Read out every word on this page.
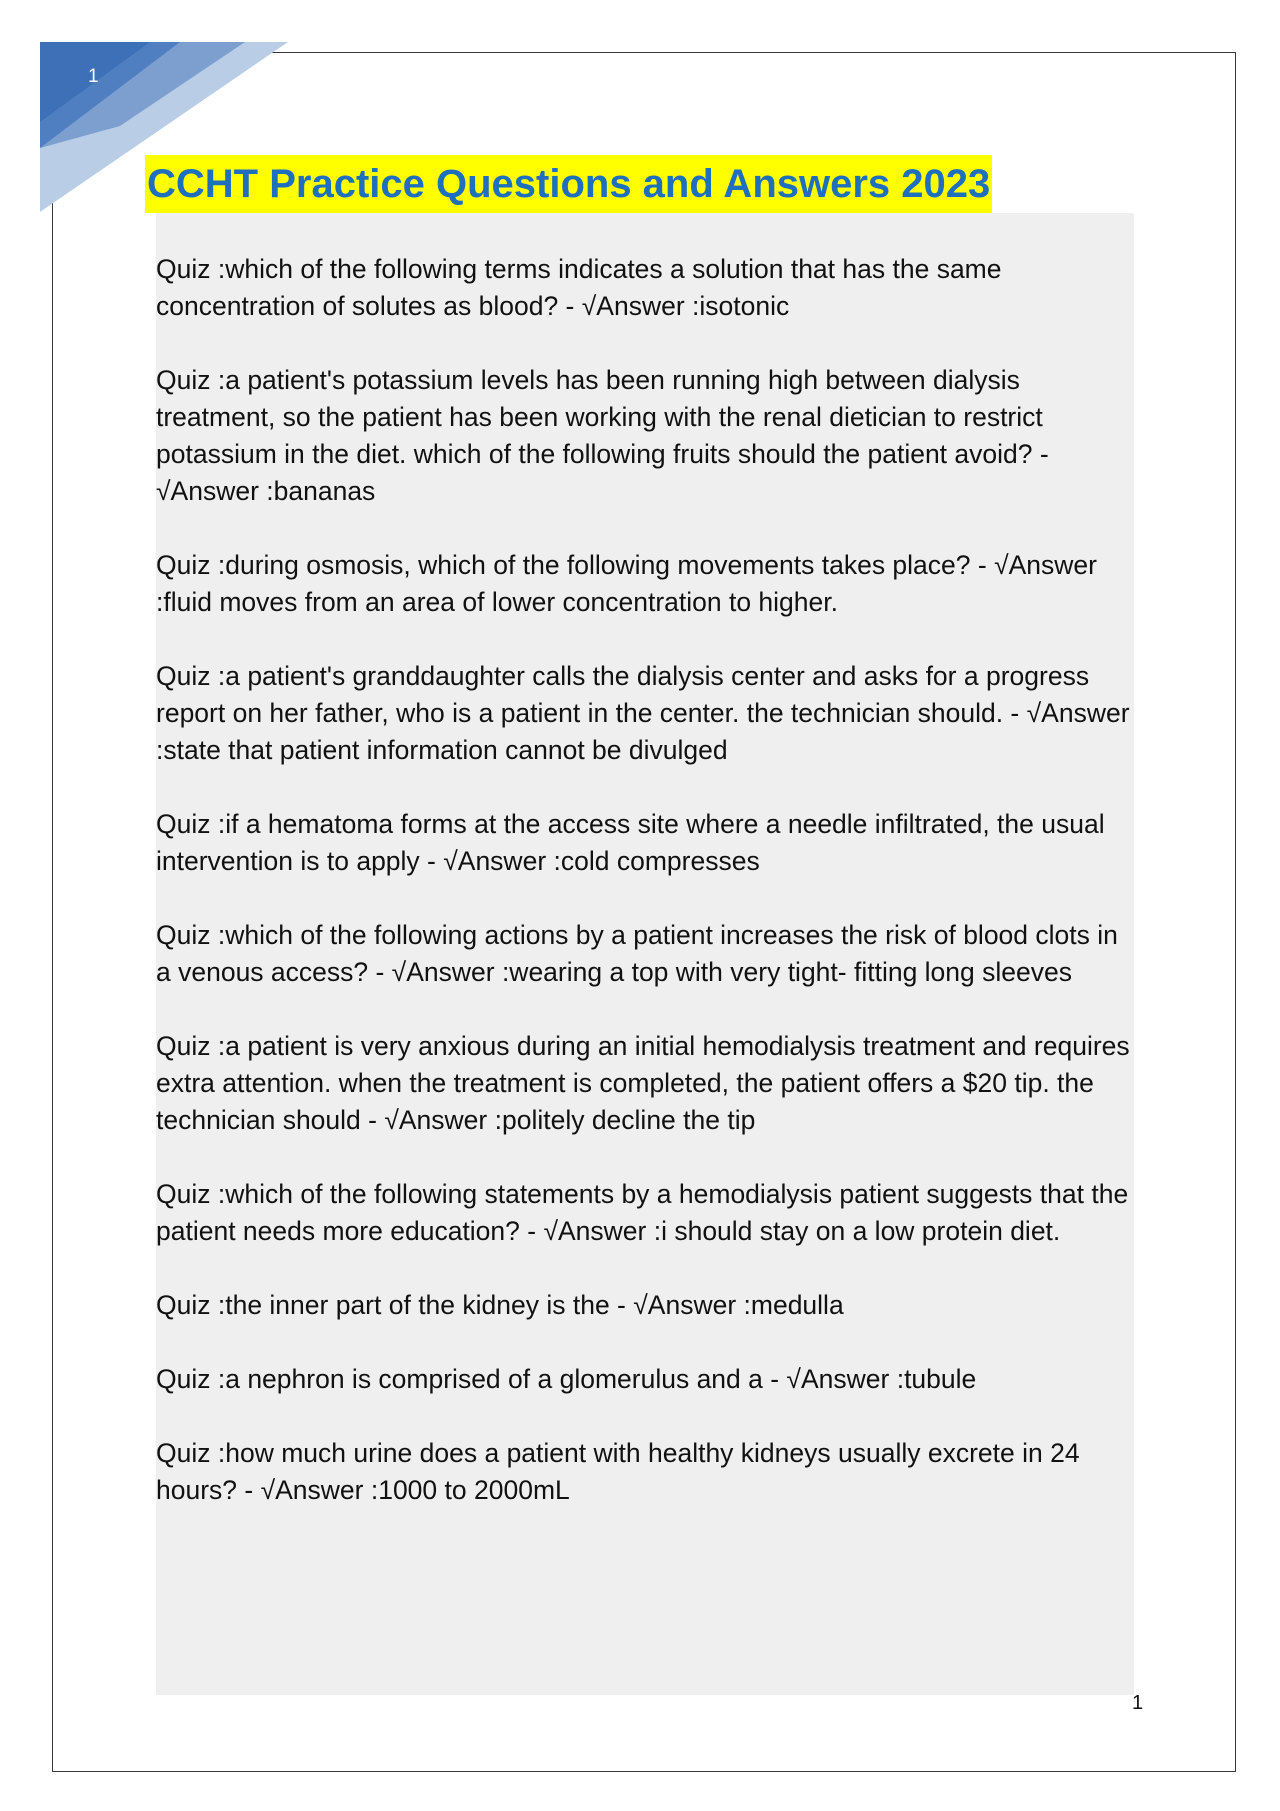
1
CCHT Practice Questions and Answers 2023
Quiz :which of the following terms indicates a solution that has the same concentration of solutes as blood? - √Answer :isotonic
Quiz :a patient's potassium levels has been running high between dialysis treatment, so the patient has been working with the renal dietician to restrict potassium in the diet. which of the following fruits should the patient avoid? - √Answer :bananas
Quiz :during osmosis, which of the following movements takes place? - √Answer :fluid moves from an area of lower concentration to higher.
Quiz :a patient's granddaughter calls the dialysis center and asks for a progress report on her father, who is a patient in the center. the technician should. - √Answer :state that patient information cannot be divulged
Quiz :if a hematoma forms at the access site where a needle infiltrated, the usual intervention is to apply - √Answer :cold compresses
Quiz :which of the following actions by a patient increases the risk of blood clots in a venous access? - √Answer :wearing a top with very tight- fitting long sleeves
Quiz :a patient is very anxious during an initial hemodialysis treatment and requires extra attention. when the treatment is completed, the patient offers a $20 tip. the technician should - √Answer :politely decline the tip
Quiz :which of the following statements by a hemodialysis patient suggests that the patient needs more education? - √Answer :i should stay on a low protein diet.
Quiz :the inner part of the kidney is the - √Answer :medulla
Quiz :a nephron is comprised of a glomerulus and a - √Answer :tubule
Quiz :how much urine does a patient with healthy kidneys usually excrete in 24 hours? - √Answer :1000 to 2000mL
1
